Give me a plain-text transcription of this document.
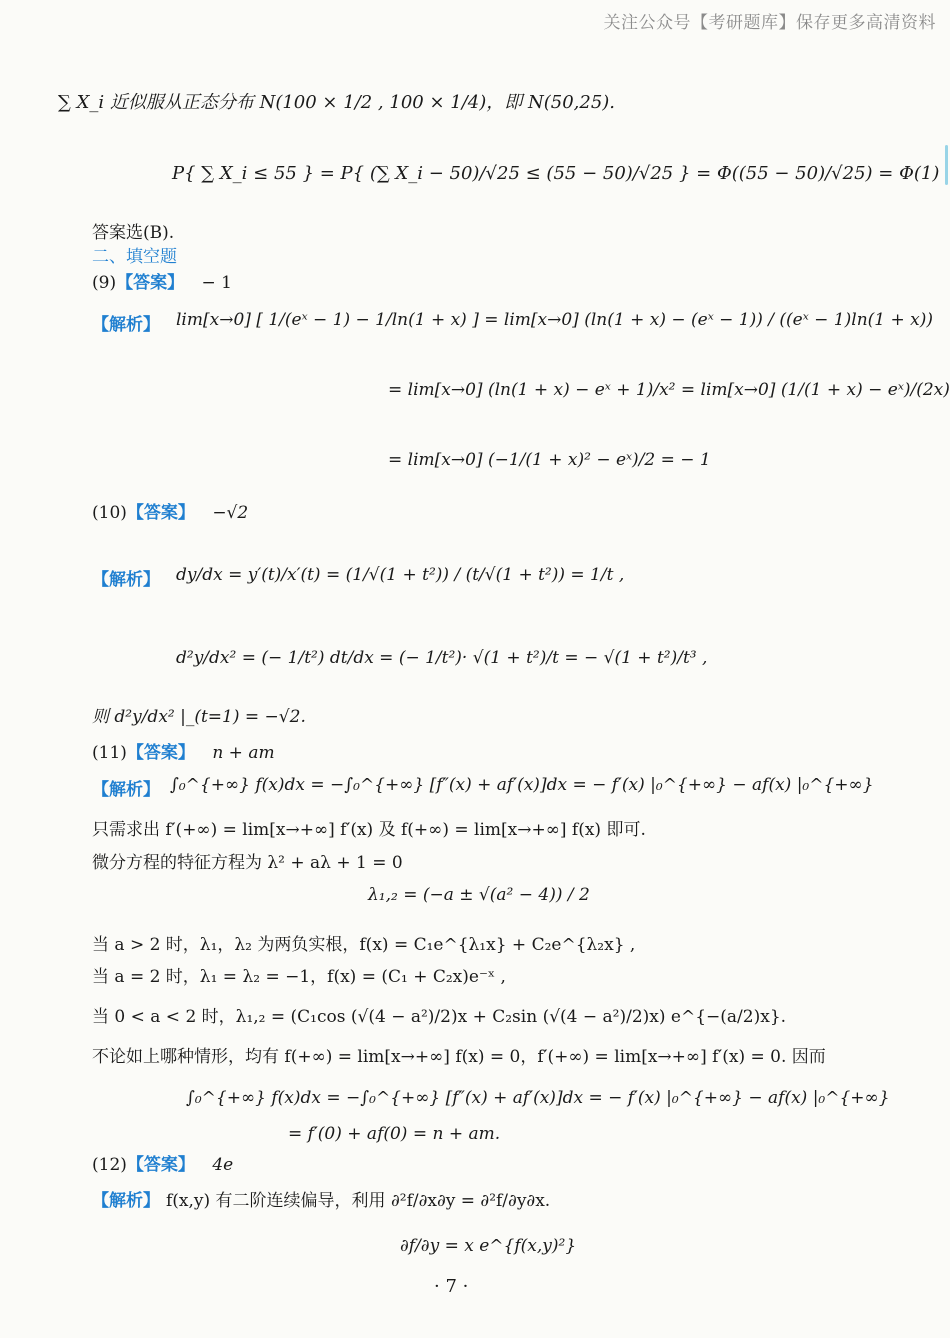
关注公众号【考研题库】保存更多高清资料
∑ X_i 近似服从正态分布 N(100 × 1/2 , 100 × 1/4)，即 N(50,25).
P{ ∑ X_i ≤ 55 } = P{ (∑ X_i − 50)/√25 ≤ (55 − 50)/√25 } = Φ((55 − 50)/√25) = Φ(1)
答案选(B).
二、填空题
(9)【答案】 − 1
【解析】 lim[x→0] [ 1/(eˣ − 1) − 1/ln(1 + x) ] = lim[x→0] (ln(1 + x) − (eˣ − 1)) / ((eˣ − 1)ln(1 + x))
= lim[x→0] (ln(1 + x) − eˣ + 1)/x² = lim[x→0] (1/(1 + x) − eˣ)/(2x)
= lim[x→0] (−1/(1 + x)² − eˣ)/2 = − 1
(10)【答案】 −√2
【解析】 dy/dx = y′(t)/x′(t) = (1/√(1 + t²)) / (t/√(1 + t²)) = 1/t ,
d²y/dx² = (− 1/t²) dt/dx = (− 1/t²)· √(1 + t²)/t = − √(1 + t²)/t³ ,
则 d²y/dx² |_(t=1) = −√2.
(11)【答案】 n + am
【解析】 ∫₀^{+∞} f(x)dx = −∫₀^{+∞} [f″(x) + af′(x)]dx = − f′(x) |₀^{+∞} − af(x) |₀^{+∞}
只需求出 f′(+∞) = lim[x→+∞] f′(x) 及 f(+∞) = lim[x→+∞] f(x) 即可.
微分方程的特征方程为 λ² + aλ + 1 = 0
λ₁,₂ = (−a ± √(a² − 4)) / 2
当 a > 2 时，λ₁，λ₂ 为两负实根，f(x) = C₁e^{λ₁x} + C₂e^{λ₂x} ,
当 a = 2 时，λ₁ = λ₂ = −1，f(x) = (C₁ + C₂x)e⁻ˣ ,
当 0 < a < 2 时，λ₁,₂ = (C₁cos (√(4 − a²)/2)x + C₂sin (√(4 − a²)/2)x) e^{−(a/2)x}.
不论如上哪种情形，均有 f(+∞) = lim[x→+∞] f(x) = 0，f′(+∞) = lim[x→+∞] f′(x) = 0. 因而
∫₀^{+∞} f(x)dx = −∫₀^{+∞} [f″(x) + af′(x)]dx = − f′(x) |₀^{+∞} − af(x) |₀^{+∞}
= f′(0) + af(0) = n + am.
(12)【答案】 4e
【解析】 f(x,y) 有二阶连续偏导，利用 ∂²f/∂x∂y = ∂²f/∂y∂x.
∂f/∂y = x e^{f(x,y)²}
· 7 ·
